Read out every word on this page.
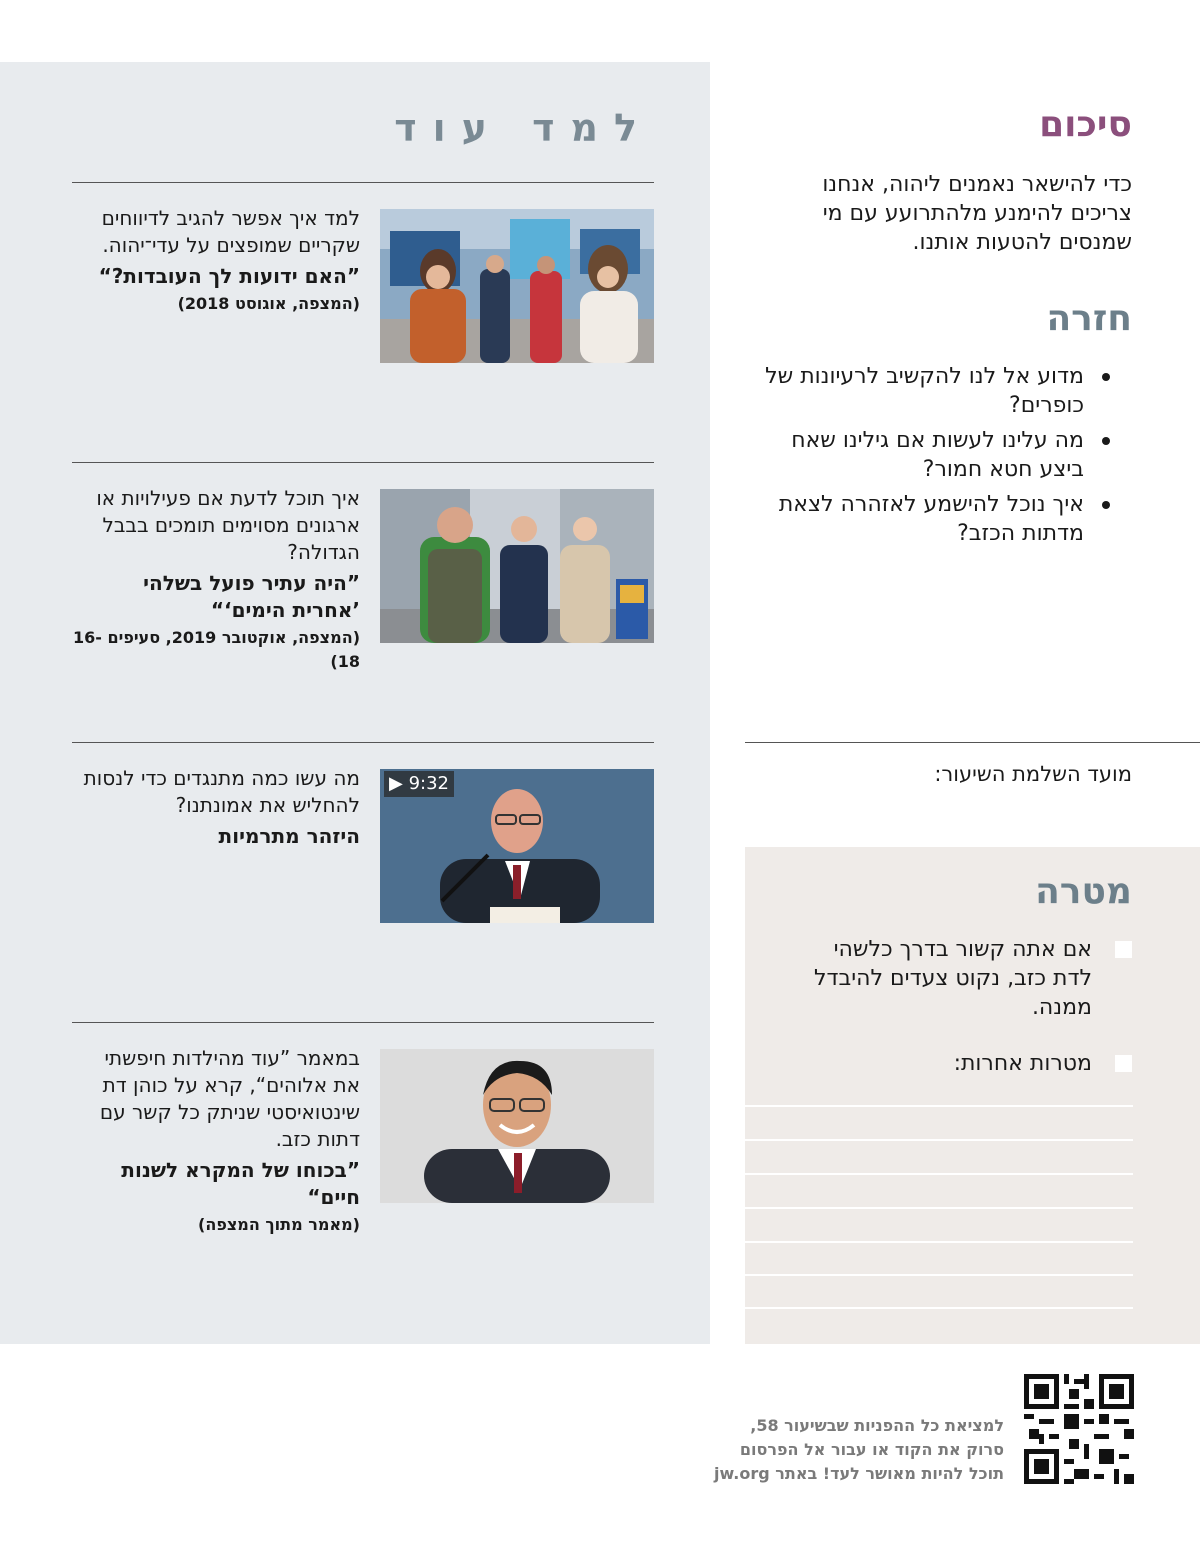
למד עוד
למד איך אפשר להגיב לדיווחים שקריים שמופצים על עדי־יהוה.
”האם ידועות לך העובדות?“
(המצפה, אוגוסט 2018)
איך תוכל לדעת אם פעילויות או ארגונים מסוימים תומכים בבבל הגדולה?
”היה עתיר פועל בשלהי ’אחרית הימים‘“
(המצפה, אוקטובר 2019, סעיפים 16-18)
▶ 9:32
מה עשו כמה מתנגדים כדי לנסות להחליש את אמונתנו?
היזהר מתרמיות
במאמר ”עוד מהילדות חיפשתי את אלוהים“, קרא על כוהן דת שינטואיסטי שניתק כל קשר עם דתות כזב.
”בכוחו של המקרא לשנות חיים“
(מאמר מתוך המצפה)
סיכום
כדי להישאר נאמנים ליהוה, אנחנו צריכים להימנע מלהתרועע עם מי שמנסים להטעות אותנו.
חזרה
מדוע אל לנו להקשיב לרעיונות של כופרים?
מה עלינו לעשות אם גילינו שאח ביצע חטא חמור?
איך נוכל להישמע לאזהרה לצאת מדתות הכזב?
מועד השלמת השיעור:
מטרה
אם אתה קשור בדרך כלשהי לדת כזב, נקוט צעדים להיבדל ממנה.
מטרות אחרות:
למציאת כל ההפניות שבשיעור 58,
סרוק את הקוד או עבור אל הפרסום
תוכל להיות מאושר לעד! באתר jw.org
